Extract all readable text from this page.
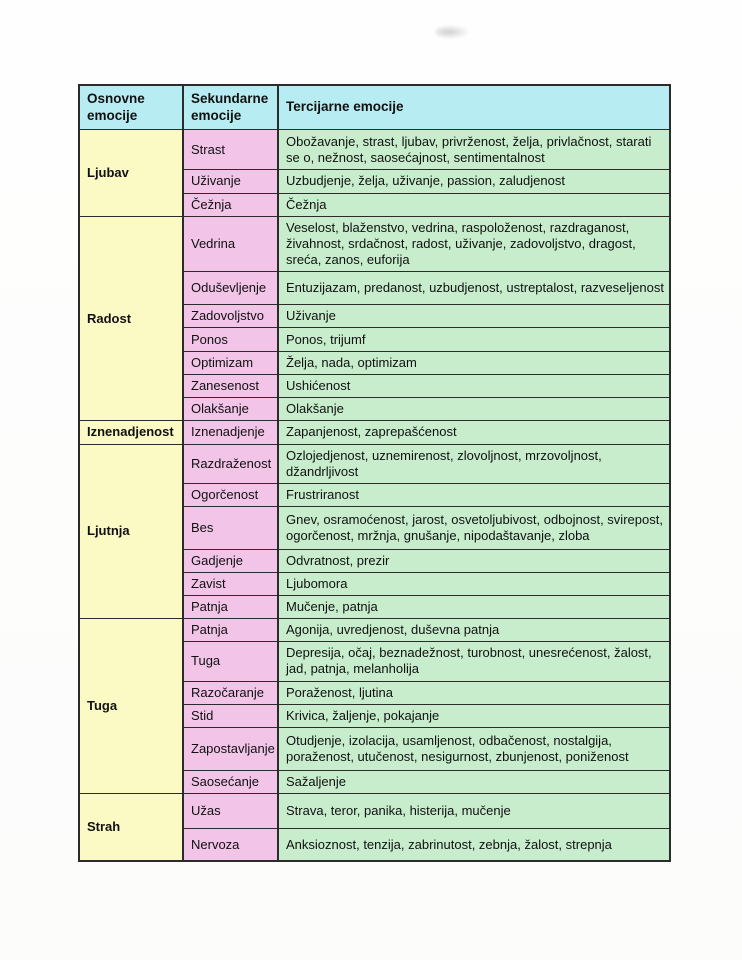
Osnovne emocije	Sekundarne emocije	Tercijarne emocije
Ljubav	Strast	Obožavanje, strast, ljubav, privrženost, želja, privlačnost, starati se o, nežnost, saosećajnost, sentimentalnost
	Uživanje	Uzbudjenje, želja, uživanje, passion, zaludjenost
	Čežnja	Čežnja
Radost	Vedrina	Veselost, blaženstvo, vedrina, raspoloženost, razdraganost, živahnost, srdačnost, radost, uživanje, zadovoljstvo, dragost, sreća, zanos, euforija
	Oduševljenje	Entuzijazam, predanost, uzbudjenost, ustreptalost, razveseljenost
	Zadovoljstvo	Uživanje
	Ponos	Ponos, trijumf
	Optimizam	Želja, nada, optimizam
	Zanesenost	Ushićenost
	Olakšanje	Olakšanje
Iznenadjenost	Iznenadjenje	Zapanjenost, zaprepašćenost
Ljutnja	Razdraženost	Ozlojedjenost, uznemirenost, zlovoljnost, mrzovoljnost, džandrljivost
	Ogorčenost	Frustriranost
	Bes	Gnev, osramoćenost, jarost, osvetoljubivost, odbojnost, svirepost, ogorčenost, mržnja, gnušanje, nipodaštavanje, zloba
	Gadjenje	Odvratnost, prezir
	Zavist	Ljubomora
	Patnja	Mučenje, patnja
Tuga	Patnja	Agonija, uvredjenost, duševna patnja
	Tuga	Depresija, očaj, beznadežnost, turobnost, unesrećenost, žalost, jad, patnja, melanholija
	Razočaranje	Poraženost, ljutina
	Stid	Krivica, žaljenje, pokajanje
	Zapostavljanje	Otudjenje, izolacija, usamljenost, odbačenost, nostalgija, poraženost, utučenost, nesigurnost, zbunjenost, poniženost
	Saosećanje	Sažaljenje
Strah	Užas	Strava, teror, panika, histerija, mučenje
	Nervoza	Anksioznost, tenzija, zabrinutost, zebnja, žalost, strepnja
